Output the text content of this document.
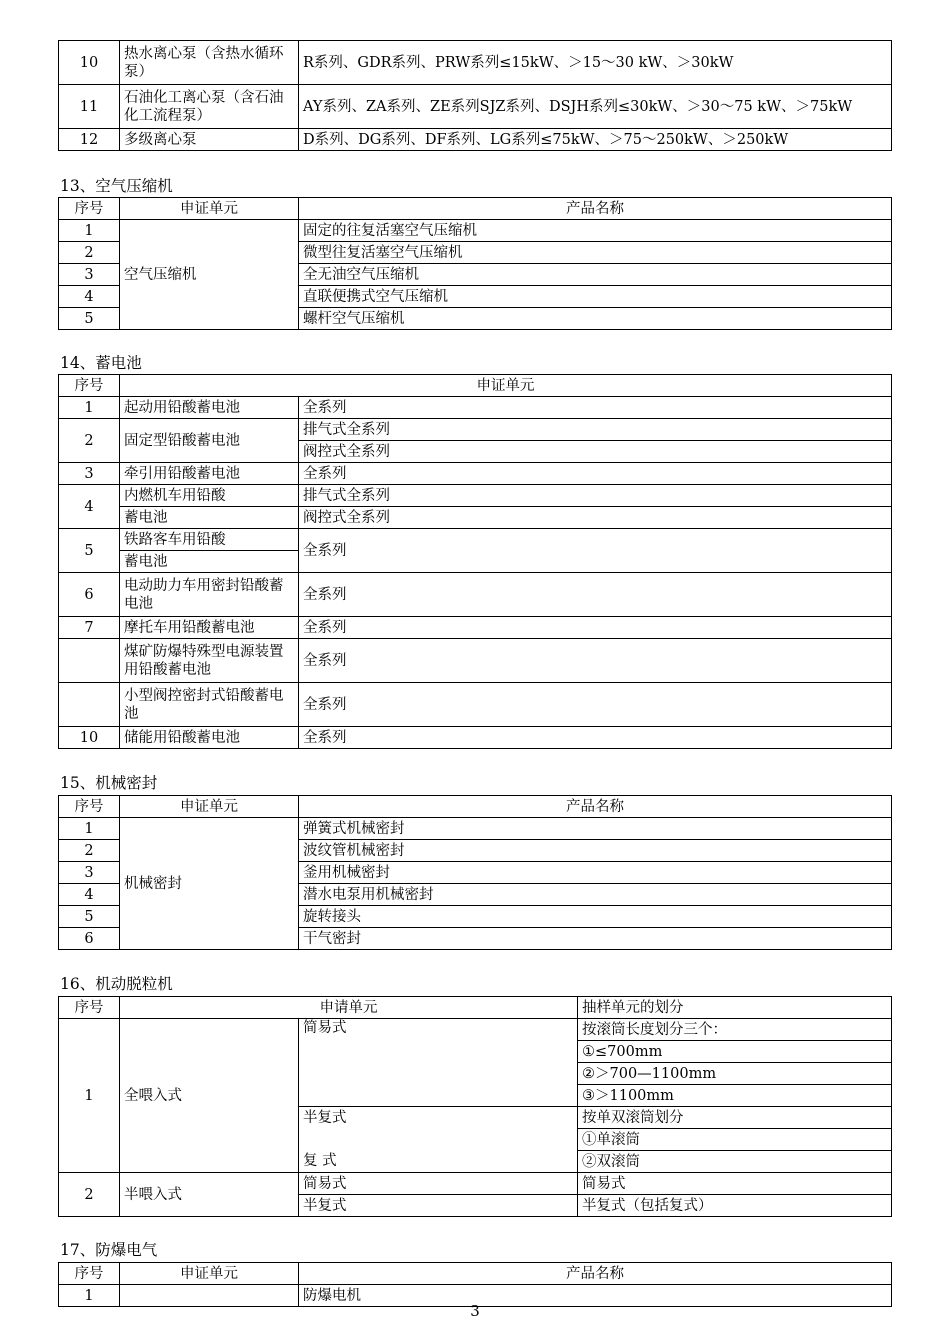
10	热水离心泵（含热水循环泵）	R系列、GDR系列、PRW系列≤15kW、＞15～30 kW、＞30kW
11	石油化工离心泵（含石油化工流程泵）	AY系列、ZA系列、ZE系列SJZ系列、DSJH系列≤30kW、＞30～75 kW、＞75kW
12	多级离心泵	D系列、DG系列、DF系列、LG系列≤75kW、＞75～250kW、＞250kW
13、空气压缩机
序号	申证单元	产品名称
1	空气压缩机	固定的往复活塞空气压缩机
2		微型往复活塞空气压缩机
3		全无油空气压缩机
4		直联便携式空气压缩机
5		螺杆空气压缩机
14、蓄电池
序号	申证单元	
1	起动用铅酸蓄电池	全系列
2	固定型铅酸蓄电池	排气式全系列
		阀控式全系列
3	牵引用铅酸蓄电池	全系列
4	内燃机车用铅酸	排气式全系列
	蓄电池	阀控式全系列
5	铁路客车用铅酸	全系列
	蓄电池	
6	电动助力车用密封铅酸蓄电池	全系列
7	摩托车用铅酸蓄电池	全系列
	煤矿防爆特殊型电源装置用铅酸蓄电池	全系列
	小型阀控密封式铅酸蓄电池	全系列
10	储能用铅酸蓄电池	全系列
15、机械密封
序号	申证单元	产品名称
1	机械密封	弹簧式机械密封
2		波纹管机械密封
3		釜用机械密封
4		潜水电泵用机械密封
5		旋转接头
6		干气密封
16、机动脱粒机
序号	申请单元		抽样单元的划分
1	全喂入式	简易式	按滚筒长度划分三个：
			①≤700mm
			②＞700—1100mm
			③＞1100mm
		半复式	按单双滚筒划分
			①单滚筒
		复 式	②双滚筒
2	半喂入式	简易式	简易式
		半复式	半复式（包括复式）
17、防爆电气
序号	申证单元	产品名称
1		防爆电机
3
